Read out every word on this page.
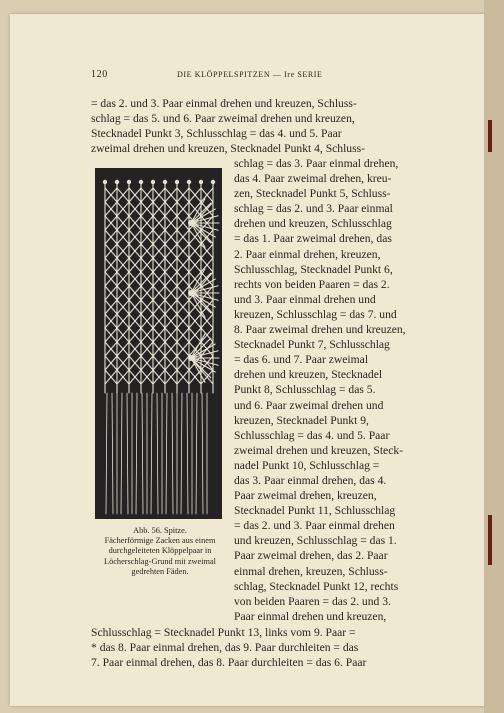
120	DIE KLÖPPELSPITZEN — Ire SERIE
= das 2. und 3. Paar einmal drehen und kreuzen, Schluss-
schlag = das 5. und 6. Paar zweimal drehen und kreuzen,
Stecknadel Punkt 3, Schlusschlag = das 4. und 5. Paar
zweimal drehen und kreuzen, Stecknadel Punkt 4, Schluss-
schlag = das 3. Paar einmal drehen,
das 4. Paar zweimal drehen, kreu-
zen, Stecknadel Punkt 5, Schluss-
schlag = das 2. und 3. Paar einmal
drehen und kreuzen, Schlusschlag
= das 1. Paar zweimal drehen, das
2. Paar einmal drehen, kreuzen,
Schlusschlag, Stecknadel Punkt 6,
rechts von beiden Paaren = das 2.
und 3. Paar einmal drehen und
kreuzen, Schlusschlag = das 7. und
8. Paar zweimal drehen und kreuzen,
Stecknadel Punkt 7, Schlusschlag
= das 6. und 7. Paar zweimal
drehen und kreuzen, Stecknadel
Punkt 8, Schlusschlag = das 5.
und 6. Paar zweimal drehen und
kreuzen, Stecknadel Punkt 9,
Schlusschlag = das 4. und 5. Paar
zweimal drehen und kreuzen, Steck-
nadel Punkt 10, Schlusschlag =
das 3. Paar einmal drehen, das 4.
Paar zweimal drehen, kreuzen,
Stecknadel Punkt 11, Schlusschlag
= das 2. und 3. Paar einmal drehen
und kreuzen, Schlusschlag = das 1.
Paar zweimal drehen, das 2. Paar
einmal drehen, kreuzen, Schluss-
schlag, Stecknadel Punkt 12, rechts
von beiden Paaren = das 2. und 3.
Paar einmal drehen und kreuzen,
Abb. 56. Spitze.
Fächerförmige Zacken aus einem
durchgeleiteten Klöppelpaar in
Löcherschlag-Grund mit zweimal
gedrehten Fäden.
Schlusschlag = Stecknadel Punkt 13, links vom 9. Paar =
* das 8. Paar einmal drehen, das 9. Paar durchleiten = das
7. Paar einmal drehen, das 8. Paar durchleiten = das 6. Paar
